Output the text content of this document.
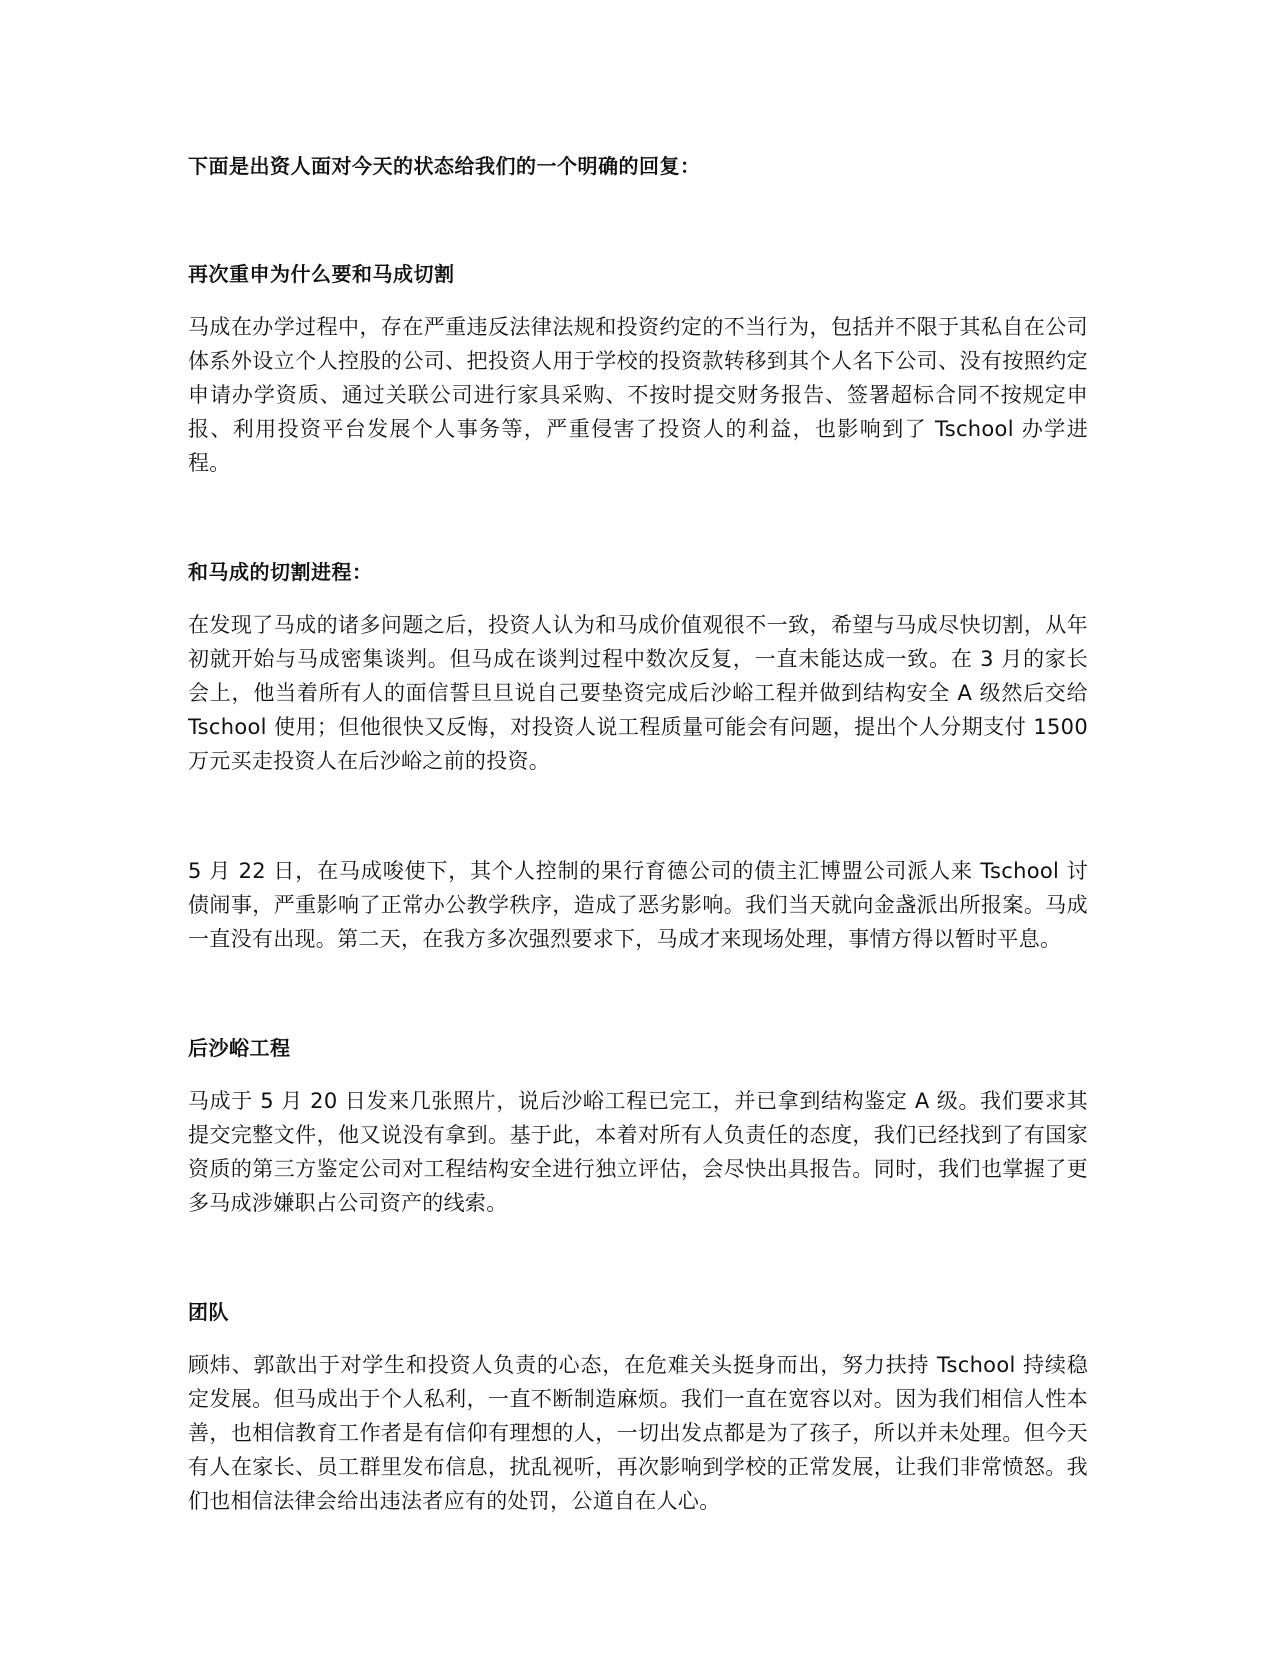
下面是出资人面对今天的状态给我们的一个明确的回复：

再次重申为什么要和马成切割

马成在办学过程中，存在严重违反法律法规和投资约定的不当行为，包括并不限于其私自在公司体系外设立个人控股的公司、把投资人用于学校的投资款转移到其个人名下公司、没有按照约定申请办学资质、通过关联公司进行家具采购、不按时提交财务报告、签署超标合同不按规定申报、利用投资平台发展个人事务等，严重侵害了投资人的利益，也影响到了 Tschool 办学进程。

和马成的切割进程：

在发现了马成的诸多问题之后，投资人认为和马成价值观很不一致，希望与马成尽快切割，从年初就开始与马成密集谈判。但马成在谈判过程中数次反复，一直未能达成一致。在 3 月的家长会上，他当着所有人的面信誓旦旦说自己要垫资完成后沙峪工程并做到结构安全 A 级然后交给 Tschool 使用；但他很快又反悔，对投资人说工程质量可能会有问题，提出个人分期支付 1500 万元买走投资人在后沙峪之前的投资。

5 月 22 日，在马成唆使下，其个人控制的果行育德公司的债主汇博盟公司派人来 Tschool 讨债闹事，严重影响了正常办公教学秩序，造成了恶劣影响。我们当天就向金盏派出所报案。马成一直没有出现。第二天，在我方多次强烈要求下，马成才来现场处理，事情方得以暂时平息。

后沙峪工程

马成于 5 月 20 日发来几张照片，说后沙峪工程已完工，并已拿到结构鉴定 A 级。我们要求其提交完整文件，他又说没有拿到。基于此，本着对所有人负责任的态度，我们已经找到了有国家资质的第三方鉴定公司对工程结构安全进行独立评估，会尽快出具报告。同时，我们也掌握了更多马成涉嫌职占公司资产的线索。

团队

顾炜、郭歆出于对学生和投资人负责的心态，在危难关头挺身而出，努力扶持 Tschool 持续稳定发展。但马成出于个人私利，一直不断制造麻烦。我们一直在宽容以对。因为我们相信人性本善，也相信教育工作者是有信仰有理想的人，一切出发点都是为了孩子，所以并未处理。但今天有人在家长、员工群里发布信息，扰乱视听，再次影响到学校的正常发展，让我们非常愤怒。我们也相信法律会给出违法者应有的处罚，公道自在人心。
